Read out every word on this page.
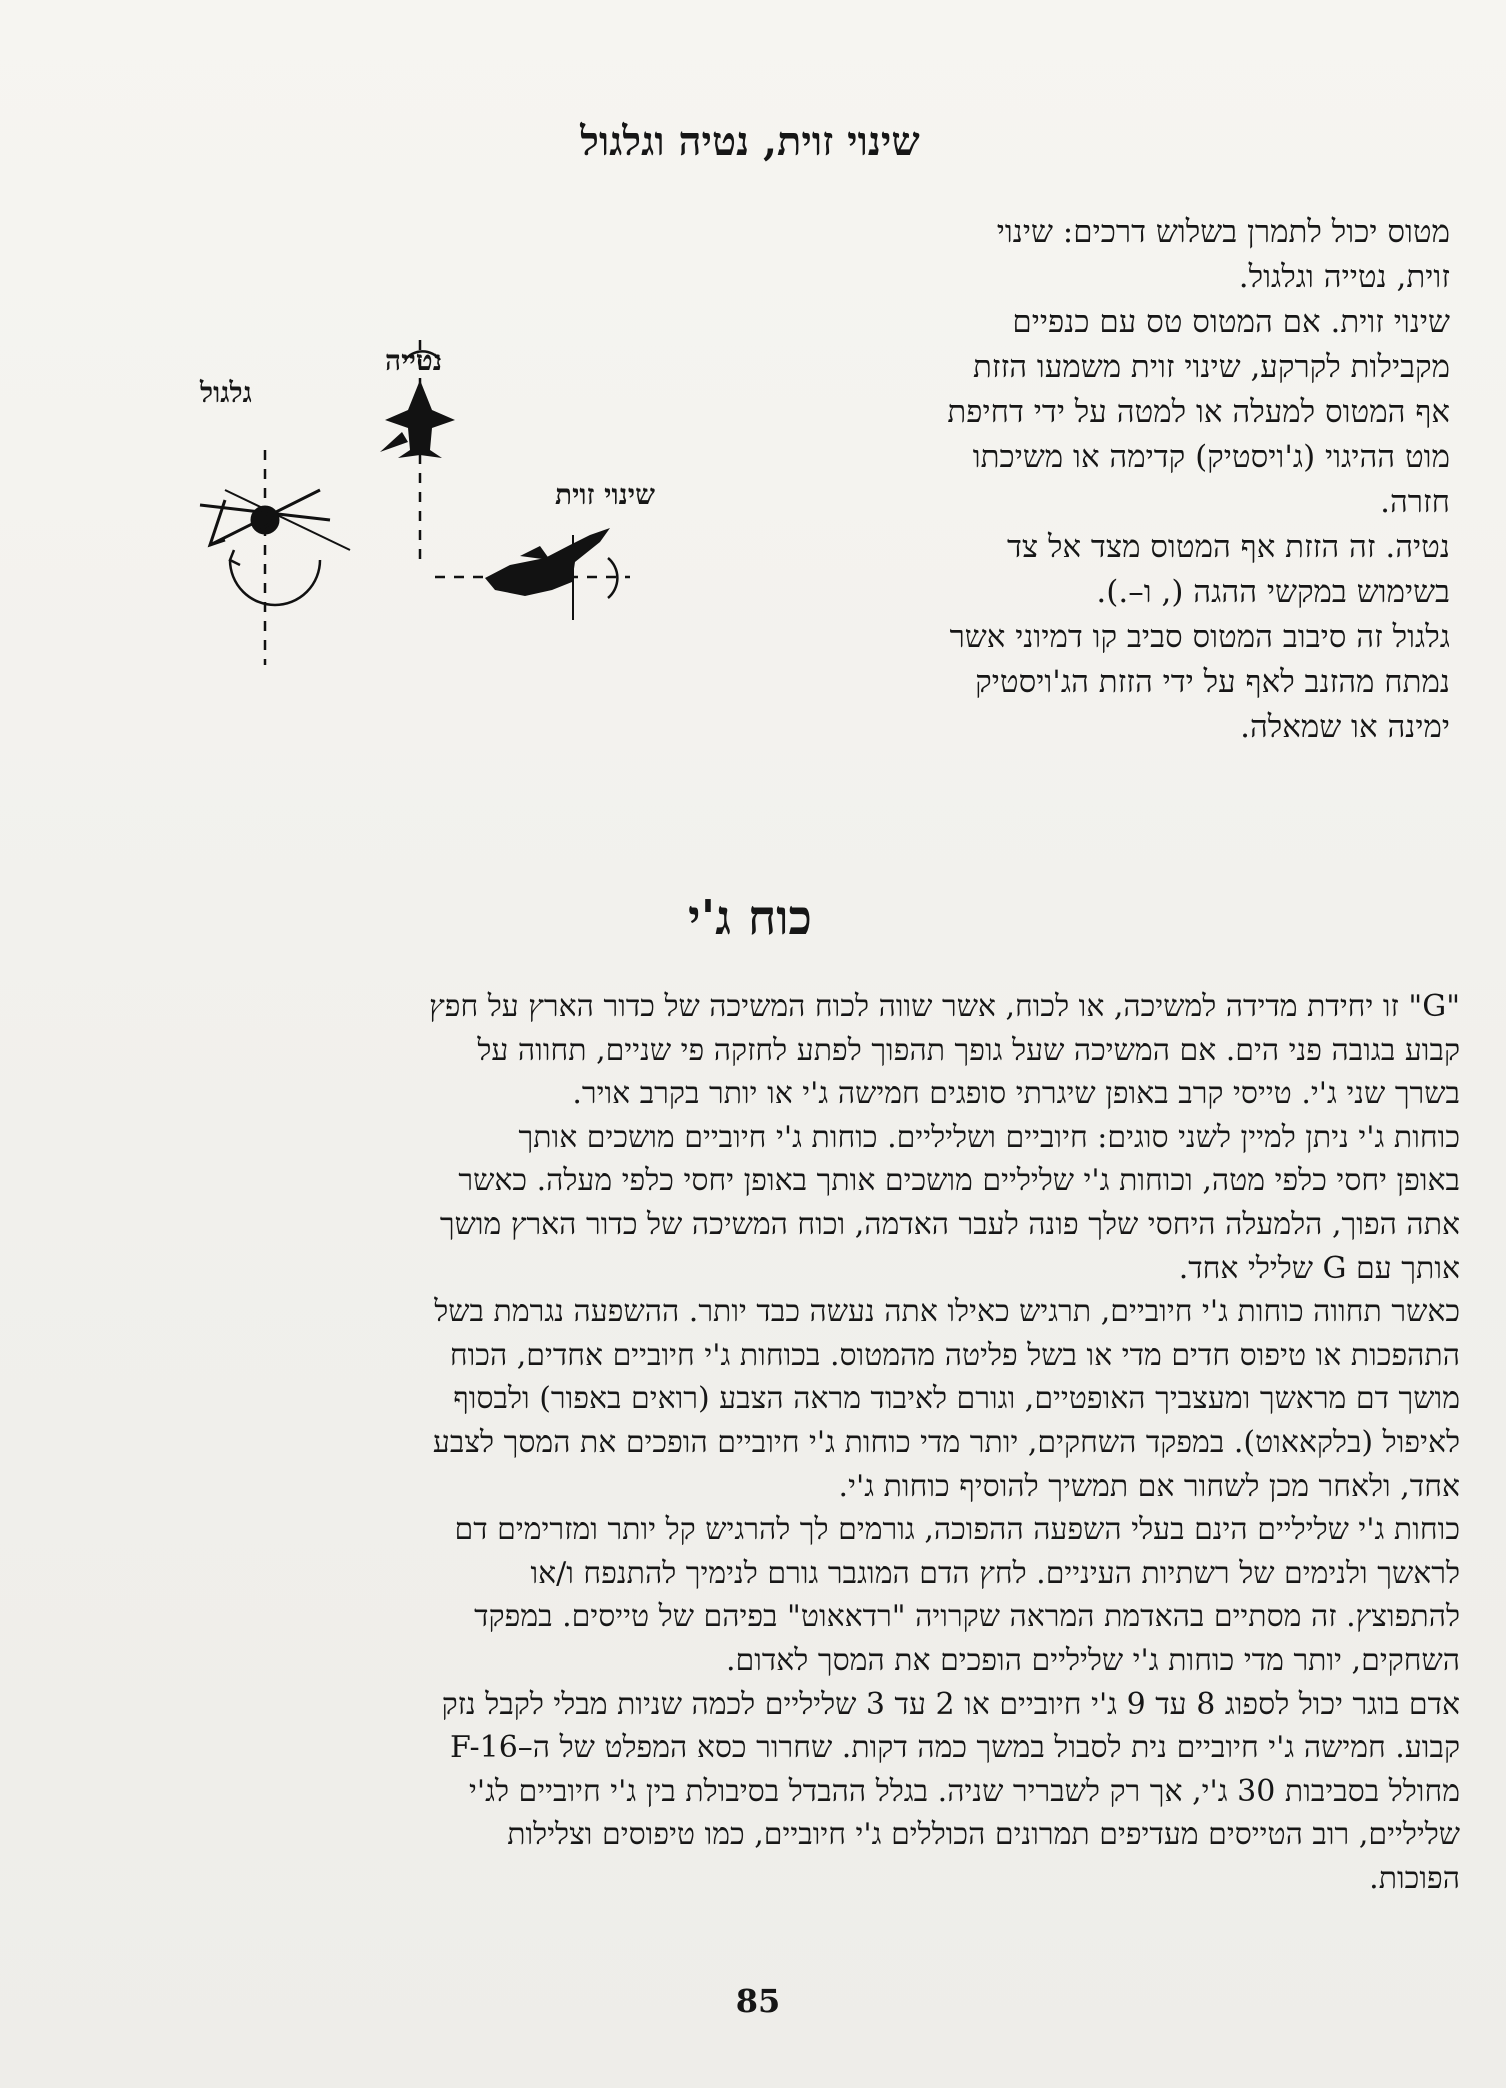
שינוי זוית, נטיה וגלגול
מטוס יכול לתמרן בשלוש דרכים: שינוי
זוית, נטייה וגלגול.
שינוי זוית. אם המטוס טס עם כנפיים
מקבילות לקרקע, שינוי זוית משמעו הזזת
אף המטוס למעלה או למטה על ידי דחיפת
מוט ההיגוי (ג'ויסטיק) קדימה או משיכתו
חזרה.
נטיה. זה הזזת אף המטוס מצד אל צד
בשימוש במקשי ההגה (, ו–.).
גלגול זה סיבוב המטוס סביב קו דמיוני אשר
נמתח מהזנב לאף על ידי הזזת הג'ויסטיק
ימינה או שמאלה.
גלגול
נטייה
שינוי זוית
כוח ג'י
"G" זו יחידת מדידה למשיכה, או לכוח, אשר שווה לכוח המשיכה של כדור הארץ על חפץ
קבוע בגובה פני הים. אם המשיכה שעל גופך תהפוך לפתע לחזקה פי שניים, תחווה על
בשרך שני ג'י. טייסי קרב באופן שיגרתי סופגים חמישה ג'י או יותר בקרב אויר.
כוחות ג'י ניתן למיין לשני סוגים: חיוביים ושליליים. כוחות ג'י חיוביים מושכים אותך
באופן יחסי כלפי מטה, וכוחות ג'י שליליים מושכים אותך באופן יחסי כלפי מעלה. כאשר
אתה הפוך, הלמעלה היחסי שלך פונה לעבר האדמה, וכוח המשיכה של כדור הארץ מושך
אותך עם G שלילי אחד.
כאשר תחווה כוחות ג'י חיוביים, תרגיש כאילו אתה נעשה כבד יותר. ההשפעה נגרמת בשל
התהפכות או טיפוס חדים מדי או בשל פליטה מהמטוס. בכוחות ג'י חיוביים אחדים, הכוח
מושך דם מראשך ומעצביך האופטיים, וגורם לאיבוד מראה הצבע (רואים באפור) ולבסוף
לאיפול (בלקאאוט). במפקד השחקים, יותר מדי כוחות ג'י חיוביים הופכים את המסך לצבע
אחד, ולאחר מכן לשחור אם תמשיך להוסיף כוחות ג'י.
כוחות ג'י שליליים הינם בעלי השפעה ההפוכה, גורמים לך להרגיש קל יותר ומזרימים דם
לראשך ולנימים של רשתיות העיניים. לחץ הדם המוגבר גורם לנימיך להתנפח ו/או
להתפוצץ. זה מסתיים בהאדמת המראה שקרויה "רדאאוט" בפיהם של טייסים. במפקד
השחקים, יותר מדי כוחות ג'י שליליים הופכים את המסך לאדום.
אדם בוגר יכול לספוג 8 עד 9 ג'י חיוביים או 2 עד 3 שליליים לכמה שניות מבלי לקבל נזק
קבוע. חמישה ג'י חיוביים נית לסבול במשך כמה דקות. שחרור כסא המפלט של ה–F-16
מחולל בסביבות 30 ג'י, אך רק לשבריר שניה. בגלל ההבדל בסיבולת בין ג'י חיוביים לג'י
שליליים, רוב הטייסים מעדיפים תמרונים הכוללים ג'י חיוביים, כמו טיפוסים וצלילות
הפוכות.
85
